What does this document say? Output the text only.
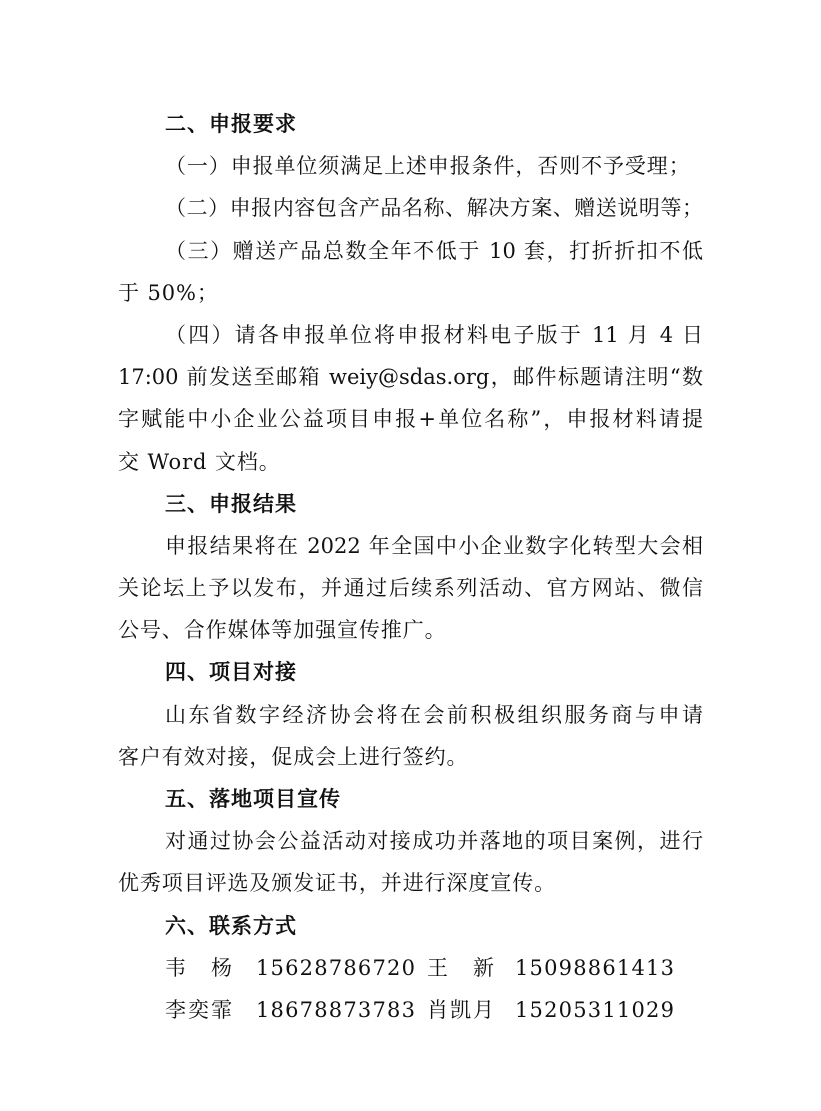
二、申报要求
（一）申报单位须满足上述申报条件，否则不予受理；
（二）申报内容包含产品名称、解决方案、赠送说明等；
（三）赠送产品总数全年不低于 10 套，打折折扣不低
于 50%；
（四）请各申报单位将申报材料电子版于 11 月 4 日
17:00 前发送至邮箱 weiy@sdas.org，邮件标题请注明“数
字赋能中小企业公益项目申报+单位名称”，申报材料请提
交 Word 文档。
三、申报结果
申报结果将在 2022 年全国中小企业数字化转型大会相
关论坛上予以发布，并通过后续系列活动、官方网站、微信
公号、合作媒体等加强宣传推广。
四、项目对接
山东省数字经济协会将在会前积极组织服务商与申请
客户有效对接，促成会上进行签约。
五、落地项目宣传
对通过协会公益活动对接成功并落地的项目案例，进行
优秀项目评选及颁发证书，并进行深度宣传。
六、联系方式
韦 杨 15628786720 王 新 15098861413
李奕霏 18678873783 肖凯月 15205311029
